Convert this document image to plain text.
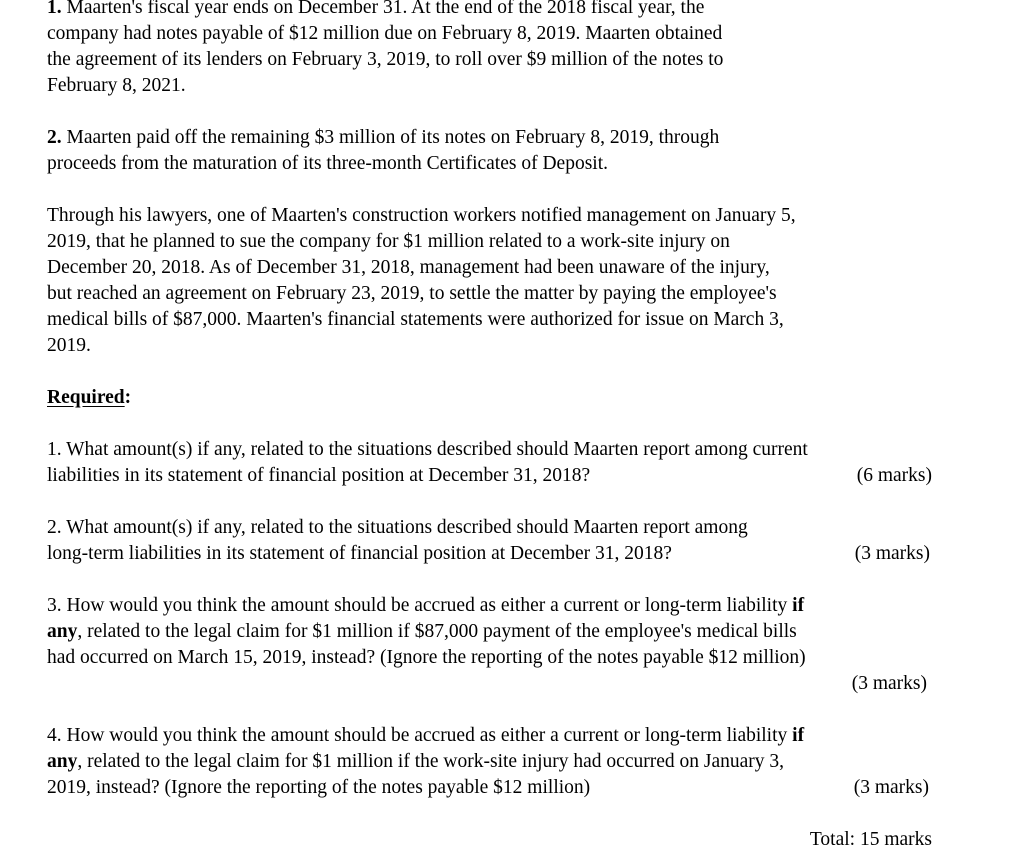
1. Maarten's fiscal year ends on December 31. At the end of the 2018 fiscal year, the
company had notes payable of $12 million due on February 8, 2019. Maarten obtained
the agreement of its lenders on February 3, 2019, to roll over $9 million of the notes to
February 8, 2021.
2. Maarten paid off the remaining $3 million of its notes on February 8, 2019, through
proceeds from the maturation of its three-month Certificates of Deposit.
Through his lawyers, one of Maarten's construction workers notified management on January 5,
2019, that he planned to sue the company for $1 million related to a work-site injury on
December 20, 2018. As of December 31, 2018, management had been unaware of the injury,
but reached an agreement on February 23, 2019, to settle the matter by paying the employee's
medical bills of $87,000. Maarten's financial statements were authorized for issue on March 3,
2019.
Required:
1. What amount(s) if any, related to the situations described should Maarten report among current
liabilities in its statement of financial position at December 31, 2018?	(6 marks)
2. What amount(s) if any, related to the situations described should Maarten report among
long-term liabilities in its statement of financial position at December 31, 2018?	(3 marks)
3. How would you think the amount should be accrued as either a current or long-term liability if
any, related to the legal claim for $1 million if $87,000 payment of the employee's medical bills
had occurred on March 15, 2019, instead? (Ignore the reporting of the notes payable $12 million)
(3 marks)
4. How would you think the amount should be accrued as either a current or long-term liability if
any, related to the legal claim for $1 million if the work-site injury had occurred on January 3,
2019, instead? (Ignore the reporting of the notes payable $12 million)	(3 marks)
Total: 15 marks
